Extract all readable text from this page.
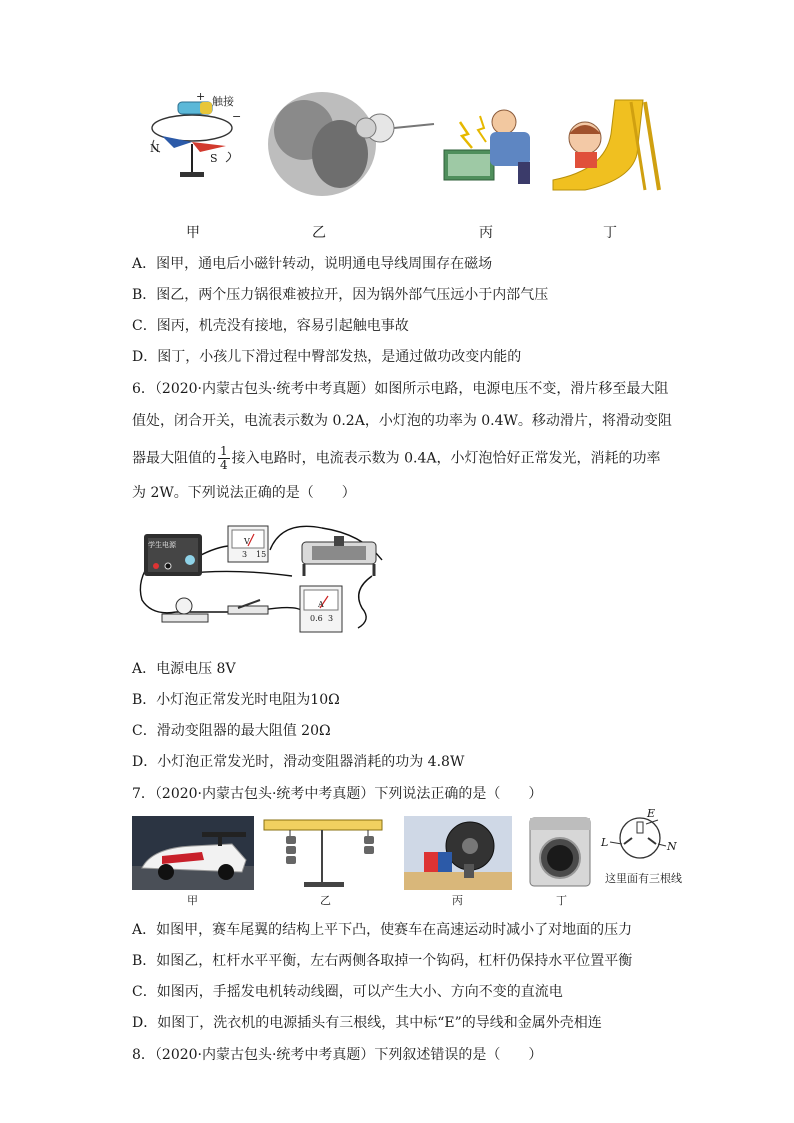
+ 触接
−
N
S
甲	乙	丙	丁
A．图甲，通电后小磁针转动，说明通电导线周围存在磁场
B．图乙，两个压力锅很难被拉开，因为锅外部气压远小于内部气压
C．图丙，机壳没有接地，容易引起触电事故
D．图丁，小孩儿下滑过程中臀部发热，是通过做功改变内能的
6．（2020·内蒙古包头·统考中考真题）如图所示电路，电源电压不变，滑片移至最大阻
值处，闭合开关，电流表示数为 0.2A，小灯泡的功率为 0.4W。移动滑片，将滑动变阻
器最大阻值的 $\frac{1}{4}$ 接入电路时，电流表示数为 0.4A，小灯泡恰好正常发光，消耗的功率
为 2W。下列说法正确的是（　　）
学生电源	V
3 15
A
0.6 3
A．电源电压 8V
B．小灯泡正常发光时电阻为10Ω
C．滑动变阻器的最大阻值 20Ω
D．小灯泡正常发光时，滑动变阻器消耗的功为 4.8W
7．（2020·内蒙古包头·统考中考真题）下列说法正确的是（　　）
E
L	N
这里面有三根线
甲	乙	丙	丁
A．如图甲，赛车尾翼的结构上平下凸，使赛车在高速运动时减小了对地面的压力
B．如图乙，杠杆水平平衡，左右两侧各取掉一个钩码，杠杆仍保持水平位置平衡
C．如图丙，手摇发电机转动线圈，可以产生大小、方向不变的直流电
D．如图丁，洗衣机的电源插头有三根线，其中标“E”的导线和金属外壳相连
8．（2020·内蒙古包头·统考中考真题）下列叙述错误的是（　　）
